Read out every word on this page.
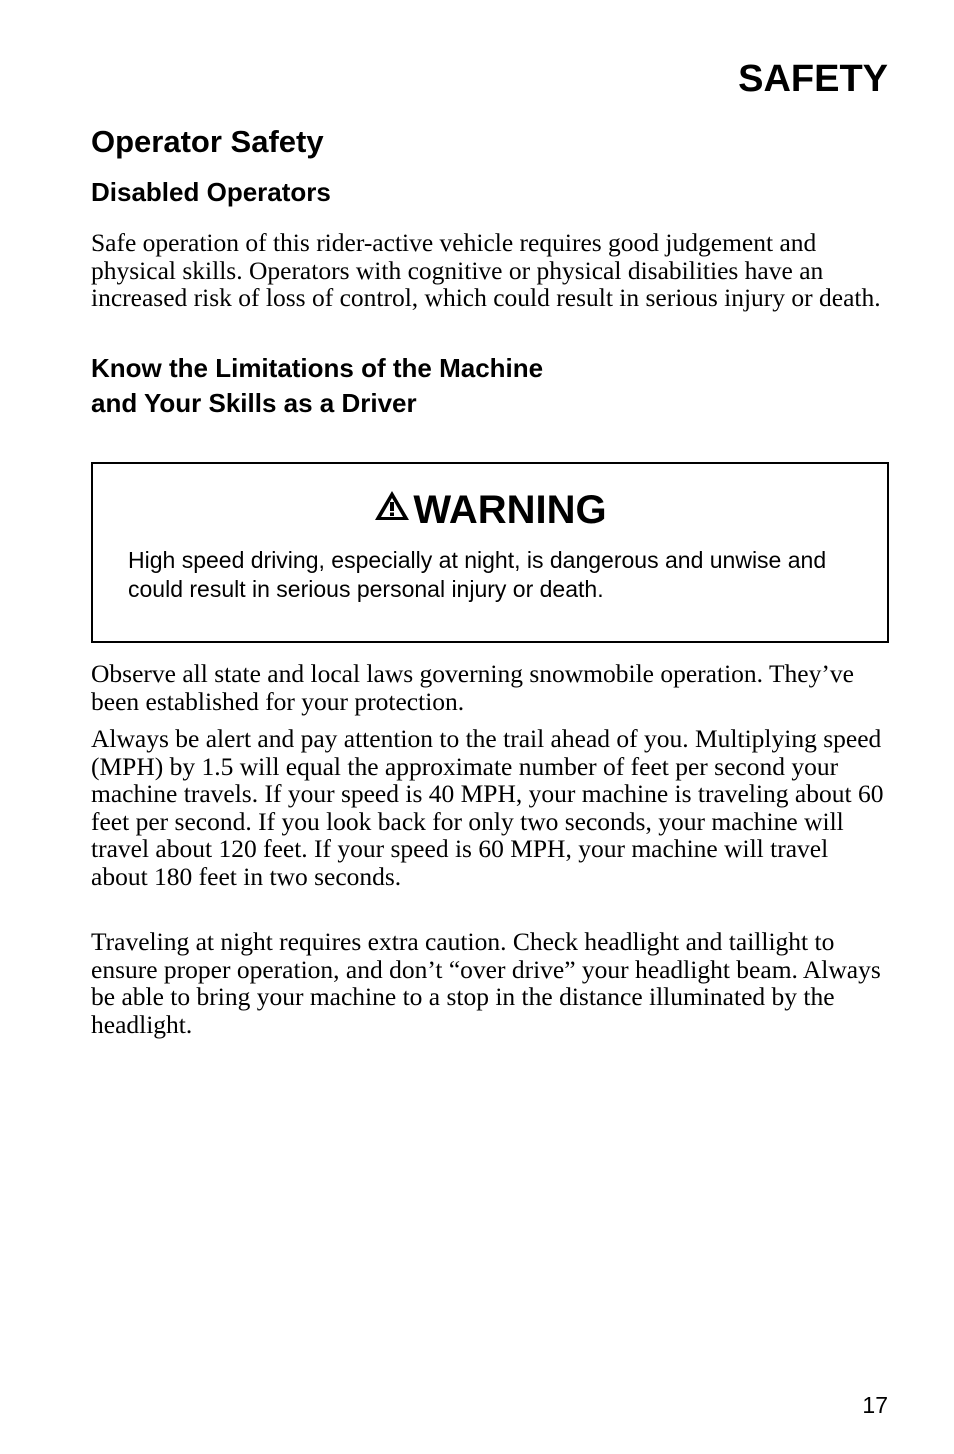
SAFETY
Operator Safety
Disabled Operators

Safe operation of this rider-active vehicle requires good judgement and physical skills. Operators with cognitive or physical disabilities have an increased risk of loss of control, which could result in serious injury or death.

Know the Limitations of the Machine
and Your Skills as a Driver
WARNING

High speed driving, especially at night, is dangerous and unwise and could result in serious personal injury or death.

Observe all state and local laws governing snowmobile operation. They’ve been established for your protection.

Always be alert and pay attention to the trail ahead of you. Multiplying speed (MPH) by 1.5 will equal the approximate number of feet per second your machine travels. If your speed is 40 MPH, your machine is traveling about 60 feet per second. If you look back for only two seconds, your machine will travel about 120 feet. If your speed is 60 MPH, your machine will travel about 180 feet in two seconds.

Traveling at night requires extra caution. Check headlight and taillight to ensure proper operation, and don’t “over drive” your headlight beam. Always be able to bring your machine to a stop in the distance illuminated by the headlight.

17
